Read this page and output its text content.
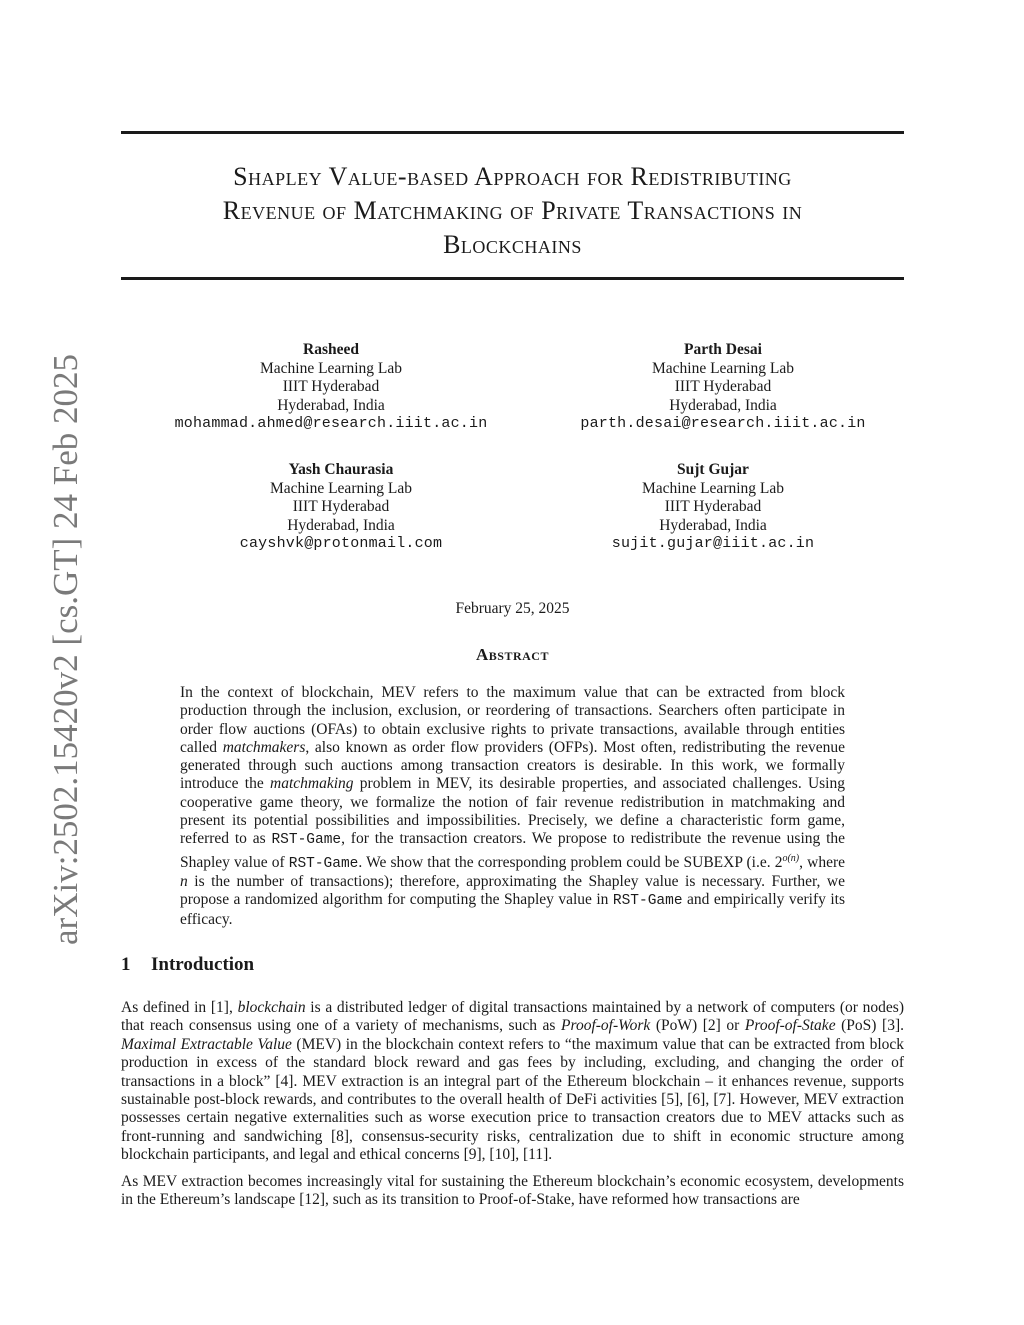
arXiv:2502.15420v2 [cs.GT] 24 Feb 2025
Shapley Value-based Approach for Redistributing
Revenue of Matchmaking of Private Transactions in
Blockchains
Rasheed
Machine Learning Lab
IIIT Hyderabad
Hyderabad, India
mohammad.ahmed@research.iiit.ac.in
Parth Desai
Machine Learning Lab
IIIT Hyderabad
Hyderabad, India
parth.desai@research.iiit.ac.in
Yash Chaurasia
Machine Learning Lab
IIIT Hyderabad
Hyderabad, India
cayshvk@protonmail.com
Sujt Gujar
Machine Learning Lab
IIIT Hyderabad
Hyderabad, India
sujit.gujar@iiit.ac.in
February 25, 2025
Abstract
In the context of blockchain, MEV refers to the maximum value that can be extracted from block production through the inclusion, exclusion, or reordering of transactions. Searchers often participate in order flow auctions (OFAs) to obtain exclusive rights to private transactions, available through entities called matchmakers, also known as order flow providers (OFPs). Most often, redistributing the revenue generated through such auctions among transaction creators is desirable. In this work, we formally introduce the matchmaking problem in MEV, its desirable properties, and associated challenges. Using cooperative game theory, we formalize the notion of fair revenue redistribution in matchmaking and present its potential possibilities and impossibilities. Precisely, we define a characteristic form game, referred to as RST-Game, for the transaction creators. We propose to redistribute the revenue using the Shapley value of RST-Game. We show that the corresponding problem could be SUBEXP (i.e. $2^{o(n)}$, where n is the number of transactions); therefore, approximating the Shapley value is necessary. Further, we propose a randomized algorithm for computing the Shapley value in RST-Game and empirically verify its efficacy.
1 Introduction
As defined in [1], blockchain is a distributed ledger of digital transactions maintained by a network of computers (or nodes) that reach consensus using one of a variety of mechanisms, such as Proof-of-Work (PoW) [2] or Proof-of-Stake (PoS) [3]. Maximal Extractable Value (MEV) in the blockchain context refers to “the maximum value that can be extracted from block production in excess of the standard block reward and gas fees by including, excluding, and changing the order of transactions in a block” [4]. MEV extraction is an integral part of the Ethereum blockchain – it enhances revenue, supports sustainable post-block rewards, and contributes to the overall health of DeFi activities [5], [6], [7]. However, MEV extraction possesses certain negative externalities such as worse execution price to transaction creators due to MEV attacks such as front-running and sandwiching [8], consensus-security risks, centralization due to shift in economic structure among blockchain participants, and legal and ethical concerns [9], [10], [11].
As MEV extraction becomes increasingly vital for sustaining the Ethereum blockchain’s economic ecosystem, developments in the Ethereum’s landscape [12], such as its transition to Proof-of-Stake, have reformed how transactions are
